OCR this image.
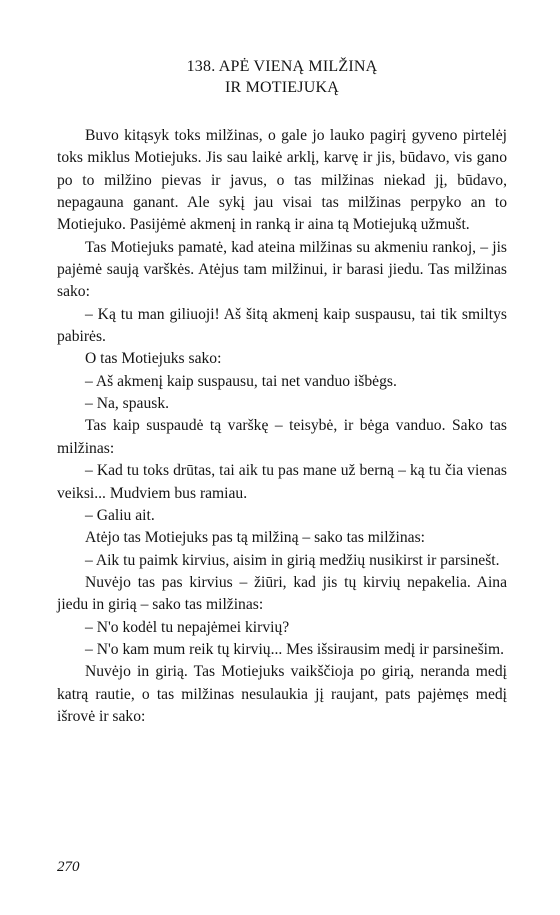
138. APĖ VIENĄ MILŽINĄ
IR MOTIEJUKĄ

Buvo kitąsyk toks milžinas, o gale jo lauko pagirį gyveno pirtelėj toks miklus Motiejuks. Jis sau laikė arklį, karvę ir jis, būdavo, vis gano po to milžino pievas ir javus, o tas milžinas niekad jį, būdavo, nepagauna ganant. Ale sykį jau visai tas milžinas perpyko an to Motiejuko. Pasijėmė akmenį in ranką ir aina tą Motiejuką užmušt.

Tas Motiejuks pamatė, kad ateina milžinas su akmeniu rankoj, – jis pajėmė saują varškės. Atėjus tam milžinui, ir barasi jiedu. Tas milžinas sako:

– Ką tu man giliuoji! Aš šitą akmenį kaip suspausu, tai tik smiltys pabirės.

O tas Motiejuks sako:

– Aš akmenį kaip suspausu, tai net vanduo išbėgs.

– Na, spausk.

Tas kaip suspaudė tą varškę – teisybė, ir bėga vanduo. Sako tas milžinas:

– Kad tu toks drūtas, tai aik tu pas mane už berną – ką tu čia vienas veiksi... Mudviem bus ramiau.

– Galiu ait.

Atėjo tas Motiejuks pas tą milžiną – sako tas milžinas:

– Aik tu paimk kirvius, aisim in girią medžių nusikirst ir parsinešt.

Nuvėjo tas pas kirvius – žiūri, kad jis tų kirvių nepakelia. Aina jiedu in girią – sako tas milžinas:

– N'o kodėl tu nepajėmei kirvių?

– N'o kam mum reik tų kirvių... Mes išsirausim medį ir parsinešim.

Nuvėjo in girią. Tas Motiejuks vaikščioja po girią, neranda medį katrą rautie, o tas milžinas nesulaukia jį raujant, pats pajėmęs medį išrovė ir sako:

270
